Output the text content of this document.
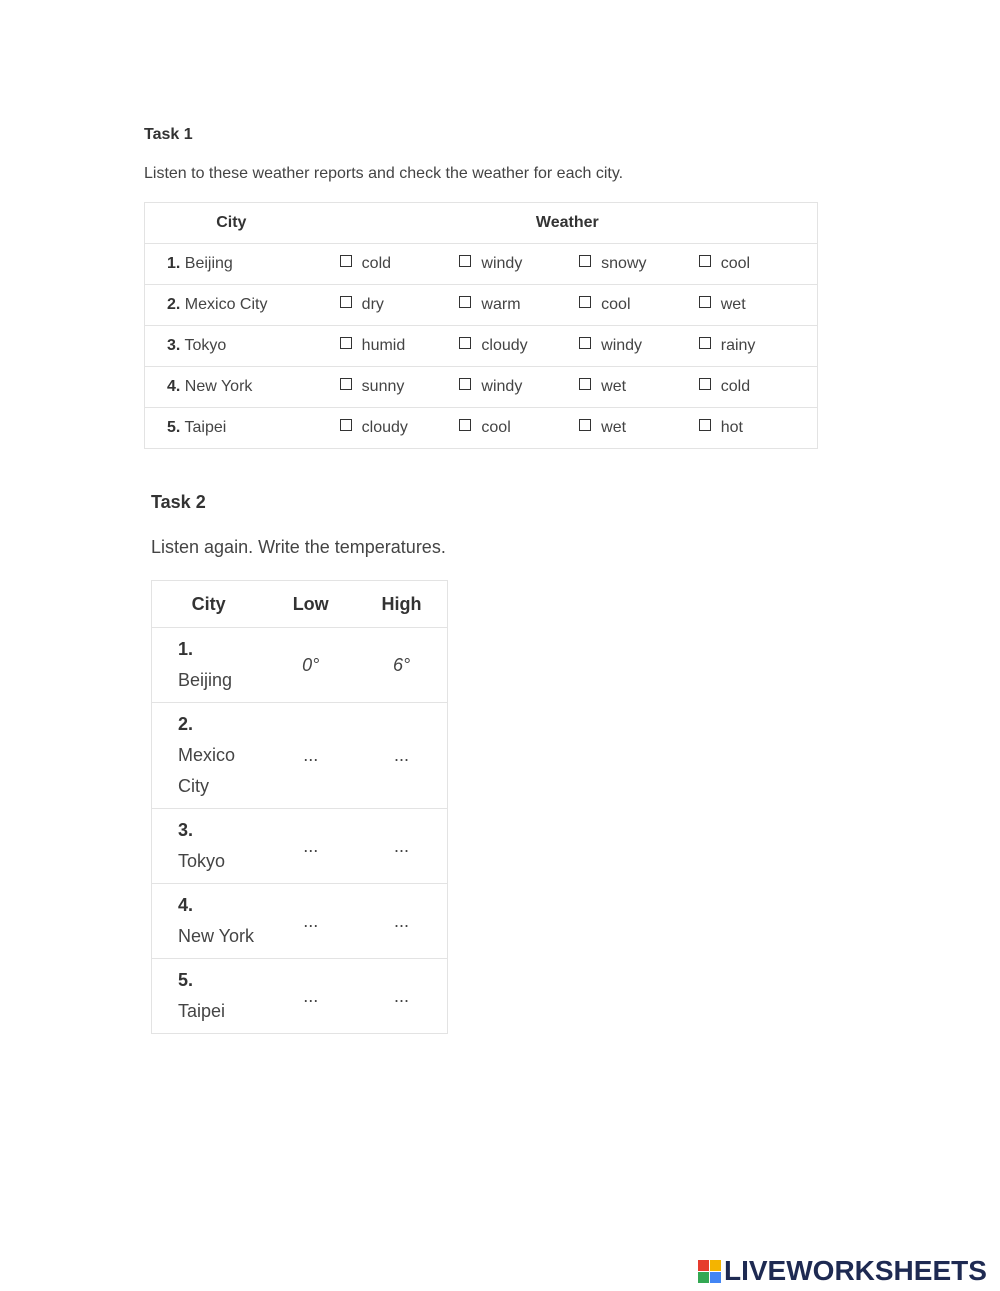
Task 1

Listen to these weather reports and check the weather for each city.

City	Weather			
1. Beijing	cold	windy	snowy	cool
2. Mexico City	dry	warm	cool	wet
3. Tokyo	humid	cloudy	windy	rainy
4. New York	sunny	windy	wet	cold
5. Taipei	cloudy	cool	wet	hot
Task 2

Listen again. Write the temperatures.

City	Low	High

1.
Beijing	0°	6°

2.
Mexico City	...	...

3.
Tokyo	...	...

4.
New York	...	...

5.
Taipei	...	...
LIVEWORKSHEETS
